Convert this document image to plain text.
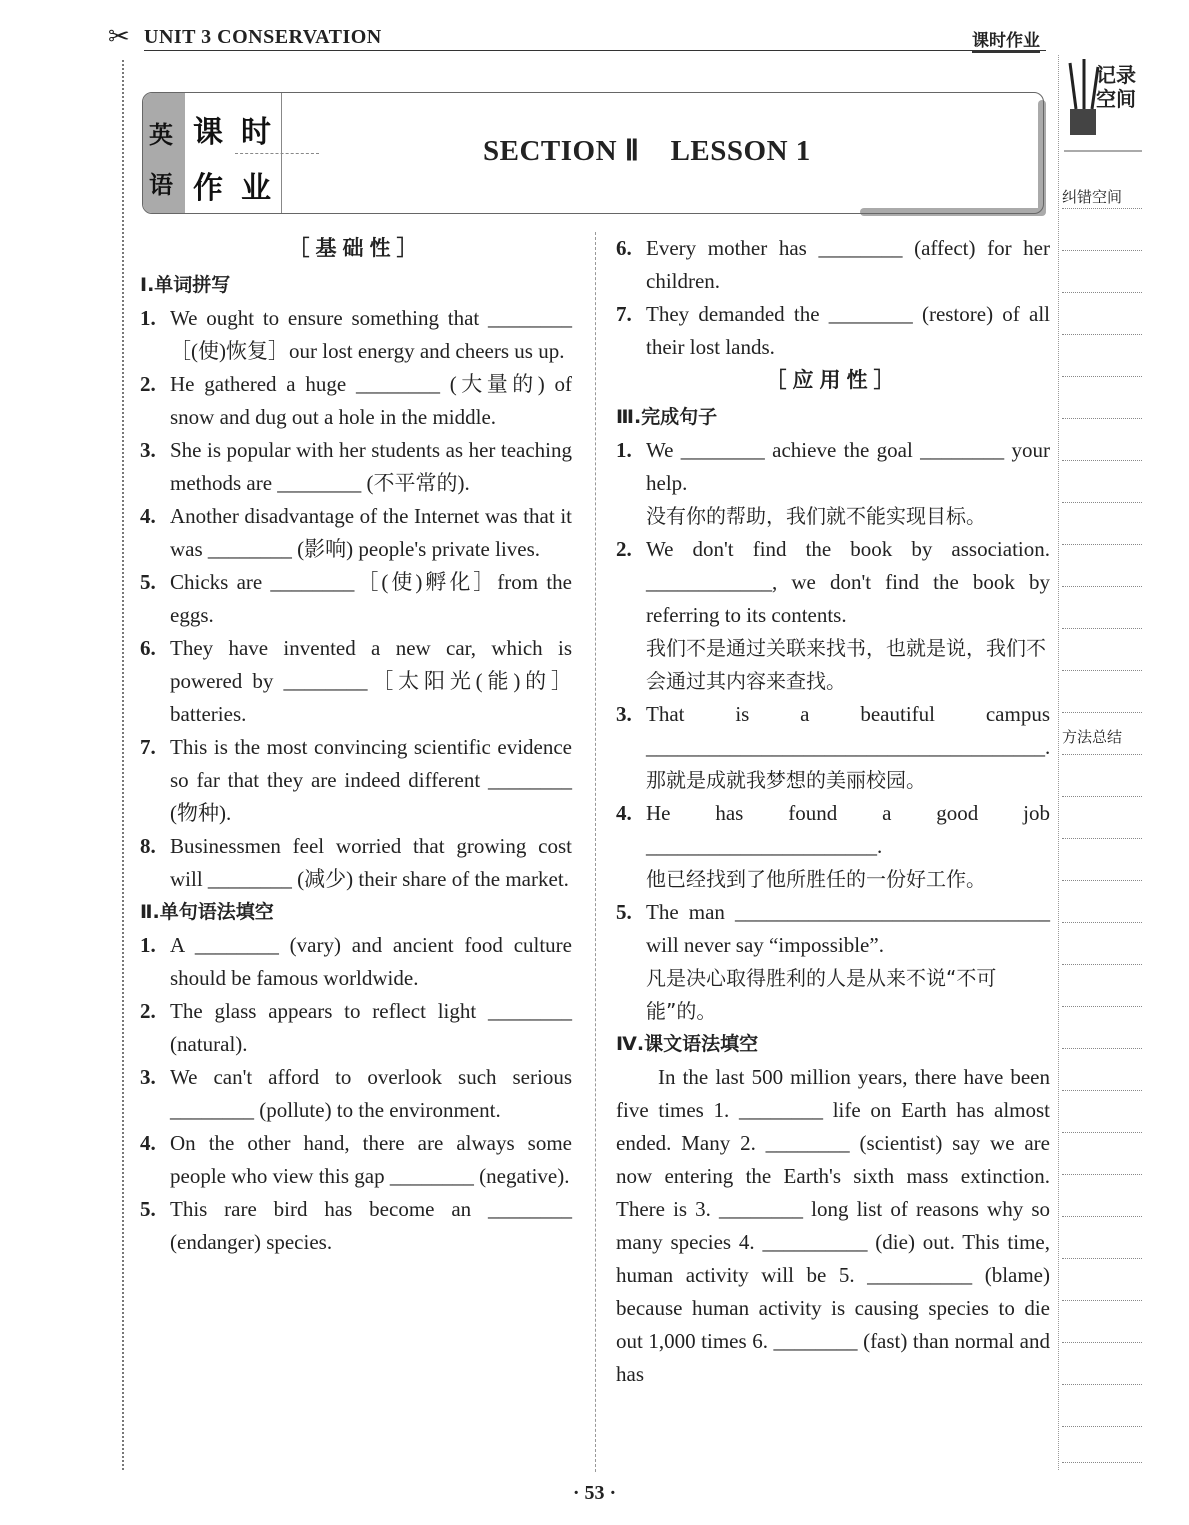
✂ UNIT 3 CONSERVATION	课时作业
英
语
课 时
作 业
SECTION Ⅱ    LESSON 1
记录空间
纠错空间
方法总结

［基础性］

Ⅰ.单词拼写

1. We ought to ensure something that ________［(使)恢复］our lost energy and cheers us up.

2. He gathered a huge ________ (大量的) of snow and dug out a hole in the middle.

3. She is popular with her students as her teaching methods are ________ (不平常的).

4. Another disadvantage of the Internet was that it was ________ (影响) people's private lives.

5. Chicks are ________［(使)孵化］from the eggs.

6. They have invented a new car, which is powered by ________［太阳光(能)的］batteries.

7. This is the most convincing scientific evidence so far that they are indeed different ________ (物种).

8. Businessmen feel worried that growing cost will ________ (减少) their share of the market.

Ⅱ.单句语法填空

1. A ________ (vary) and ancient food culture should be famous worldwide.

2. The glass appears to reflect light ________ (natural).

3. We can't afford to overlook such serious ________ (pollute) to the environment.

4. On the other hand, there are always some people who view this gap ________ (negative).

5. This rare bird has become an ________ (endanger) species.

6. Every mother has ________ (affect) for her children.

7. They demanded the ________ (restore) of all their lost lands.

［应用性］

Ⅲ.完成句子

1. We ________ achieve the goal ________ your help.

没有你的帮助，我们就不能实现目标。

2. We don't find the book by association. ____________, we don't find the book by referring to its contents.

我们不是通过关联来找书，也就是说，我们不会通过其内容来查找。

3. That is a beautiful campus ______________________________________.

那就是成就我梦想的美丽校园。

4. He has found a good job ______________________.

他已经找到了他所胜任的一份好工作。

5. The man ______________________________ will never say “impossible”.

凡是决心取得胜利的人是从来不说“不可能”的。

Ⅳ.课文语法填空

In the last 500 million years, there have been five times 1. ________ life on Earth has almost ended. Many 2. ________ (scientist) say we are now entering the Earth's sixth mass extinction. There is 3. ________ long list of reasons why so many species 4. __________ (die) out. This time, human activity will be 5. __________ (blame) because human activity is causing species to die out 1,000 times 6. ________ (fast) than normal and has

· 53 ·
